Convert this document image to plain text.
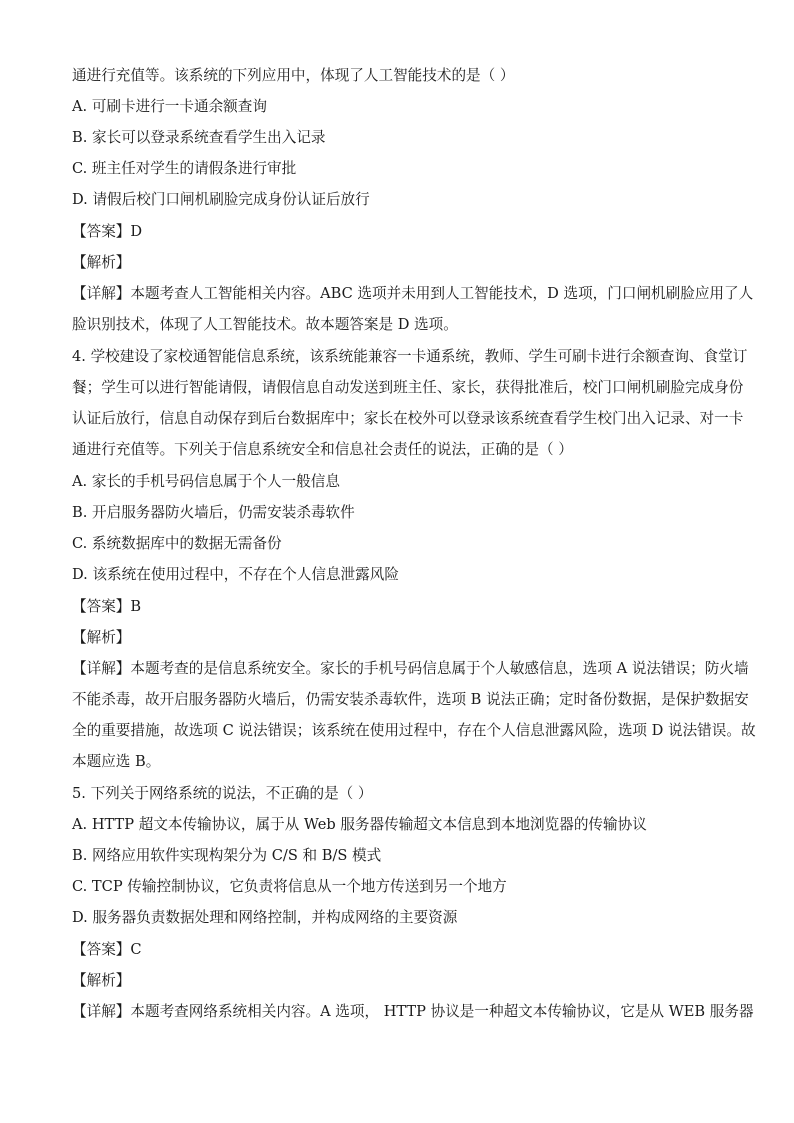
通进行充值等。该系统的下列应用中，体现了人工智能技术的是（ ）
A. 可刷卡进行一卡通余额查询
B. 家长可以登录系统查看学生出入记录
C. 班主任对学生的请假条进行审批
D. 请假后校门口闸机刷脸完成身份认证后放行
【答案】D
【解析】
【详解】本题考查人工智能相关内容。ABC 选项并未用到人工智能技术，D 选项，门口闸机刷脸应用了人
脸识别技术，体现了人工智能技术。故本题答案是 D 选项。
4. 学校建设了家校通智能信息系统，该系统能兼容一卡通系统，教师、学生可刷卡进行余额查询、食堂订
餐；学生可以进行智能请假，请假信息自动发送到班主任、家长，获得批准后，校门口闸机刷脸完成身份
认证后放行，信息自动保存到后台数据库中；家长在校外可以登录该系统查看学生校门出入记录、对一卡
通进行充值等。下列关于信息系统安全和信息社会责任的说法，正确的是（ ）
A. 家长的手机号码信息属于个人一般信息
B. 开启服务器防火墙后，仍需安装杀毒软件
C. 系统数据库中的数据无需备份
D. 该系统在使用过程中，不存在个人信息泄露风险
【答案】B
【解析】
【详解】本题考查的是信息系统安全。家长的手机号码信息属于个人敏感信息，选项 A 说法错误；防火墙
不能杀毒，故开启服务器防火墙后，仍需安装杀毒软件，选项 B 说法正确；定时备份数据，是保护数据安
全的重要措施，故选项 C 说法错误；该系统在使用过程中，存在个人信息泄露风险，选项 D 说法错误。故
本题应选 B。
5. 下列关于网络系统的说法，不正确的是（ ）
A. HTTP 超文本传输协议，属于从 Web 服务器传输超文本信息到本地浏览器的传输协议
B. 网络应用软件实现构架分为 C/S 和 B/S 模式
C. TCP 传输控制协议，它负责将信息从一个地方传送到另一个地方
D. 服务器负责数据处理和网络控制，并构成网络的主要资源
【答案】C
【解析】
【详解】本题考查网络系统相关内容。A 选项， HTTP 协议是一种超文本传输协议，它是从 WEB 服务器
